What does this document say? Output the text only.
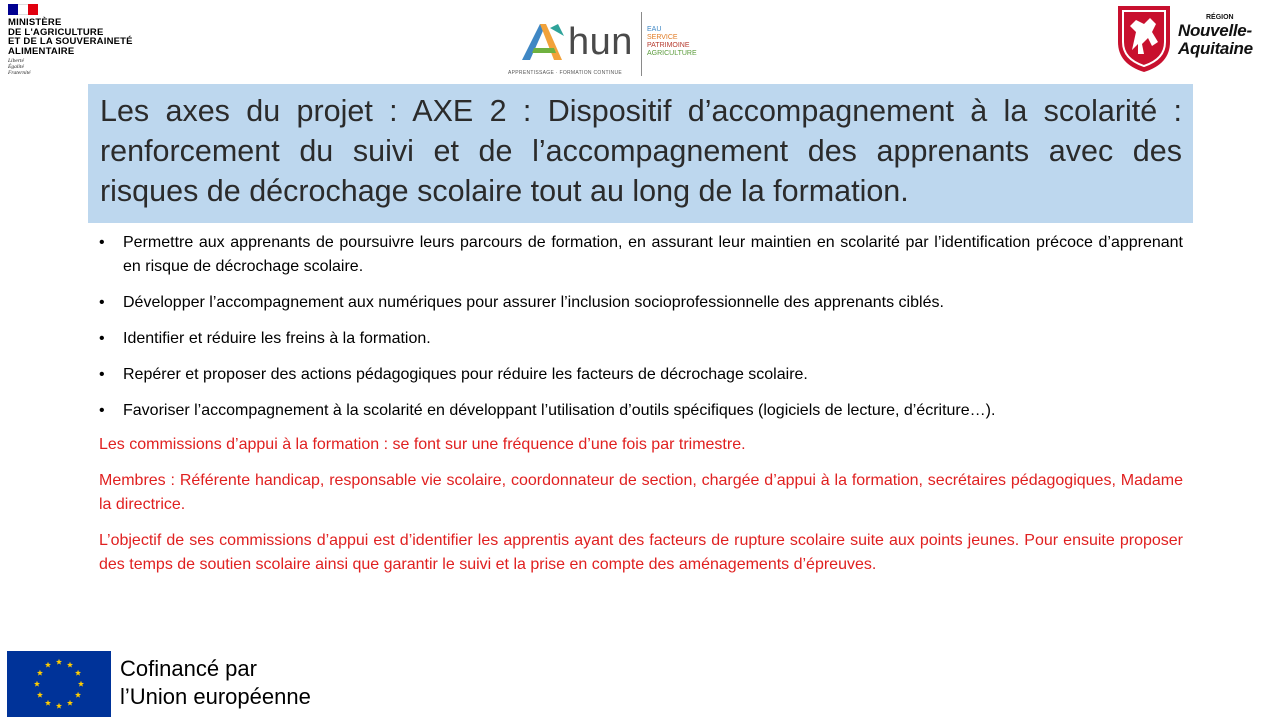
MINISTÈRE
DE L'AGRICULTURE
ET DE LA SOUVERAINETÉ
ALIMENTAIRE
Liberté
Égalité
Fraternité
hun EAU
SERVICE
PATRIMOINE
AGRICULTURE
APPRENTISSAGE · FORMATION CONTINUE
RÉGION
Nouvelle-
Aquitaine

Les axes du projet : AXE 2 : Dispositif d’accompagnement à la scolarité : renforcement du suivi et de l’accompagnement des apprenants avec des risques de décrochage scolaire tout au long de la formation.

• Permettre aux apprenants de poursuivre leurs parcours de formation, en assurant leur maintien en scolarité par l’identification précoce d’apprenant en risque de décrochage scolaire.
• Développer l’accompagnement aux numériques pour assurer l’inclusion socioprofessionnelle des apprenants ciblés.
• Identifier et réduire les freins à la formation.
• Repérer et proposer des actions pédagogiques pour réduire les facteurs de décrochage scolaire.
• Favoriser l’accompagnement à la scolarité en développant l’utilisation d’outils spécifiques (logiciels de lecture, d’écriture…).

Les commissions d’appui à la formation : se font sur une fréquence d’une fois par trimestre.

Membres : Référente handicap, responsable vie scolaire, coordonnateur de section, chargée d’appui à la formation, secrétaires pédagogiques, Madame la directrice.

L’objectif de ses commissions d’appui est d’identifier les apprentis ayant des facteurs de rupture scolaire suite aux points jeunes. Pour ensuite proposer des temps de soutien scolaire ainsi que garantir le suivi et la prise en compte des aménagements d’épreuves.

Cofinancé par
l’Union européenne
